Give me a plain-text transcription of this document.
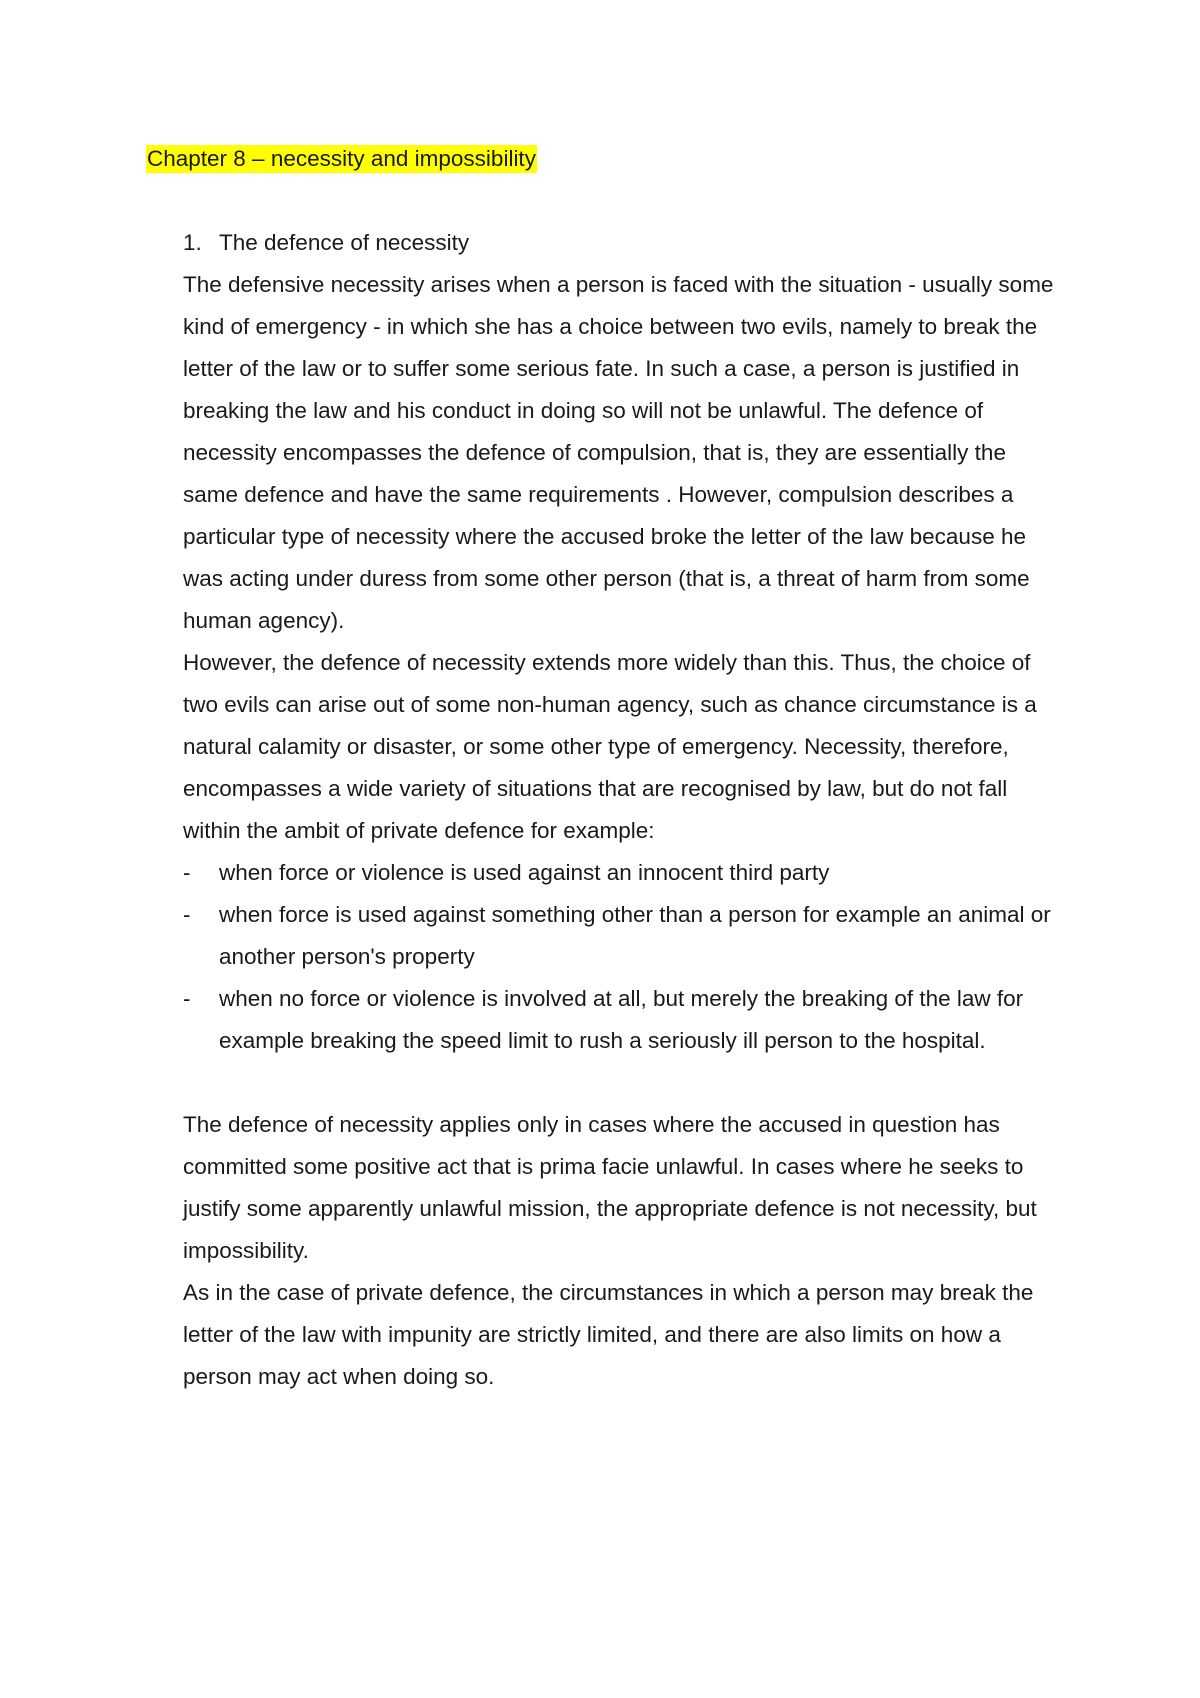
Chapter 8 – necessity and impossibility
1. The defence of necessity

The defensive necessity arises when a person is faced with the situation - usually some kind of emergency - in which she has a choice between two evils, namely to break the letter of the law or to suffer some serious fate. In such a case, a person is justified in breaking the law and his conduct in doing so will not be unlawful. The defence of necessity encompasses the defence of compulsion, that is, they are essentially the same defence and have the same requirements . However, compulsion describes a particular type of necessity where the accused broke the letter of the law because he was acting under duress from some other person (that is, a threat of harm from some human agency).

However, the defence of necessity extends more widely than this. Thus, the choice of two evils can arise out of some non-human agency, such as chance circumstance is a natural calamity or disaster, or some other type of emergency. Necessity, therefore, encompasses a wide variety of situations that are recognised by law, but do not fall within the ambit of private defence for example:

- when force or violence is used against an innocent third party
- when force is used against something other than a person for example an animal or another person's property
- when no force or violence is involved at all, but merely the breaking of the law for example breaking the speed limit to rush a seriously ill person to the hospital.

The defence of necessity applies only in cases where the accused in question has committed some positive act that is prima facie unlawful. In cases where he seeks to justify some apparently unlawful mission, the appropriate defence is not necessity, but impossibility.

As in the case of private defence, the circumstances in which a person may break the letter of the law with impunity are strictly limited, and there are also limits on how a person may act when doing so.
